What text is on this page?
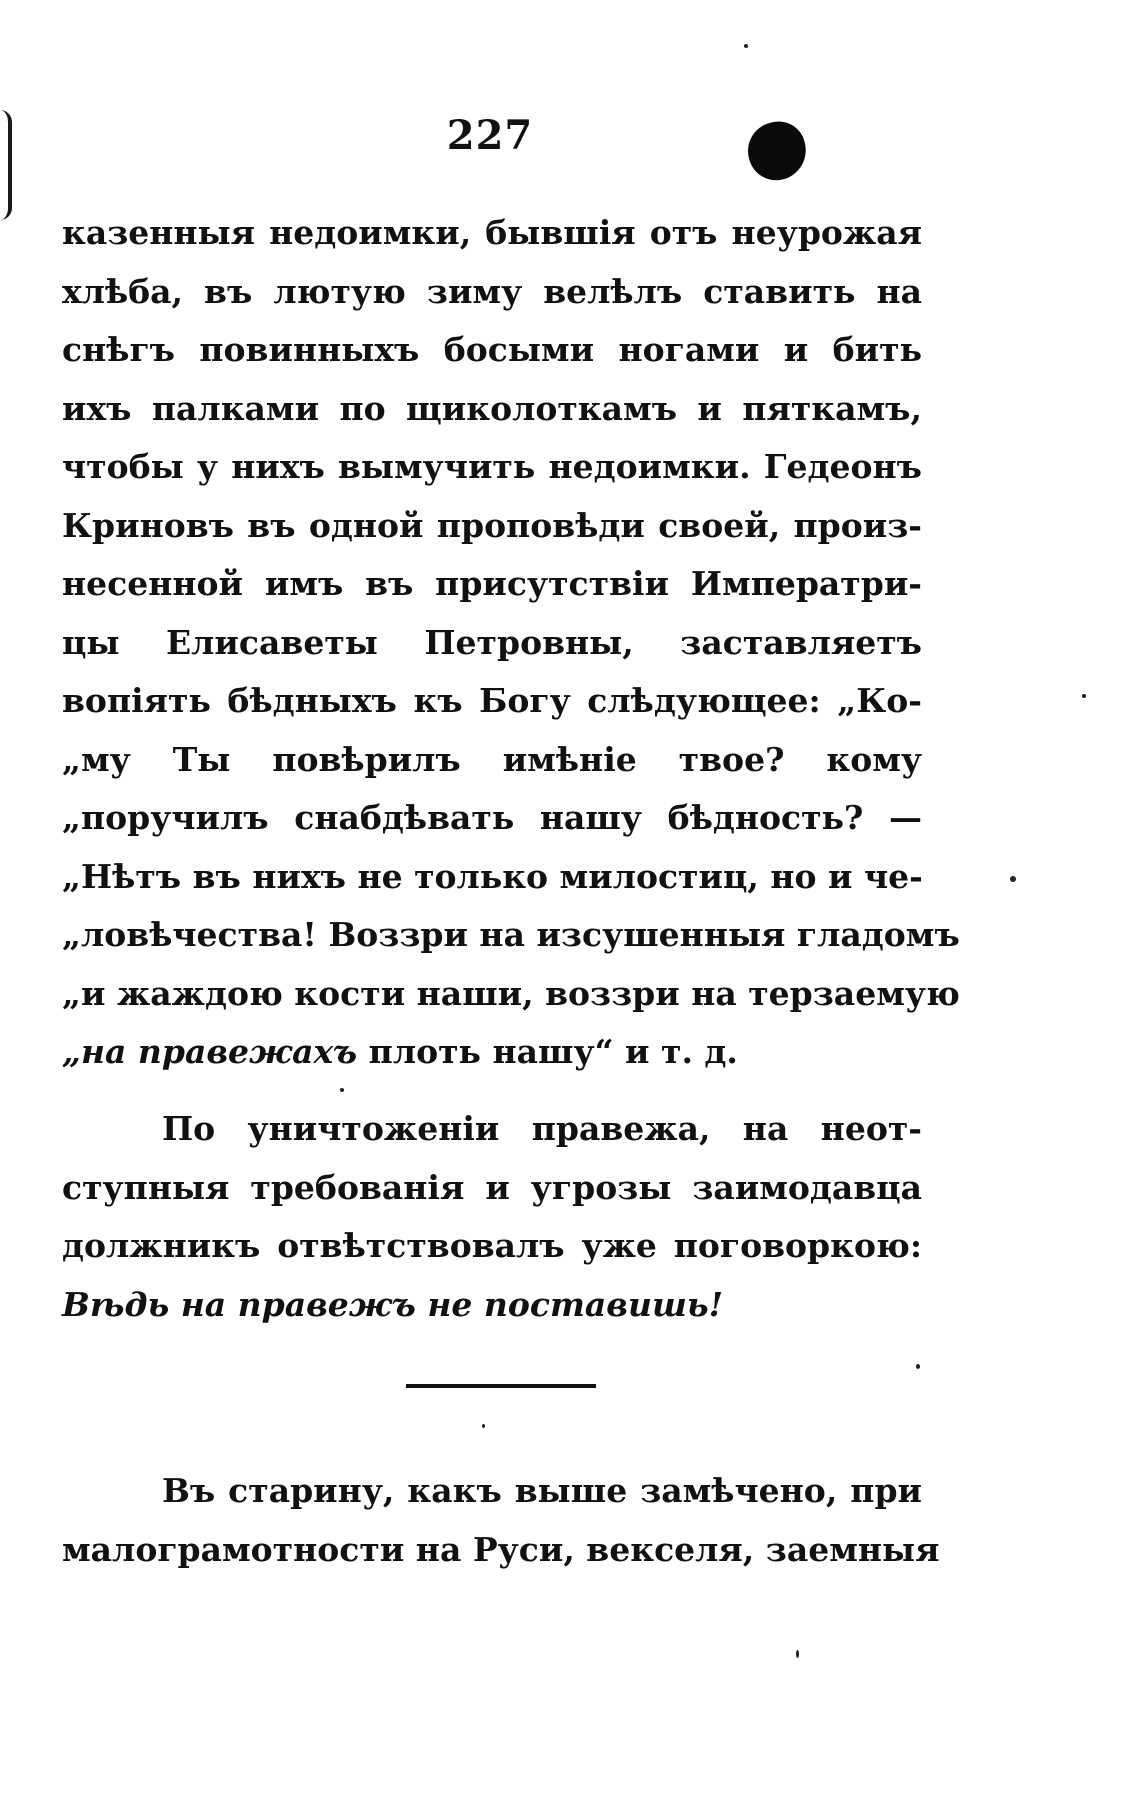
227
казенныя недоимки, бывшія отъ неурожая
хлѣба, въ лютую зиму велѣлъ ставить на
снѣгъ повинныхъ босыми ногами и бить
ихъ палками по щиколоткамъ и пяткамъ,
чтобы у нихъ вымучить недоимки. Гедеонъ
Криновъ въ одной проповѣди своей, произ-
несенной имъ въ присутствіи Императри-
цы Елисаветы Петровны, заставляетъ
вопіять бѣдныхъ къ Богу слѣдующее: „Ко-
„му Ты повѣрилъ имѣніе твое? кому
„поручилъ снабдѣвать нашу бѣдность? —
„Нѣтъ въ нихъ не только милостиц, но и че-
„ловѣчества! Воззри на изсушенныя гладомъ
„и жаждою кости наши, воззри на терзаемую
„на правежахъ плоть нашу“ и т. д.
По уничтоженіи правежа, на неот-
ступныя требованія и угрозы заимодавца
должникъ отвѣтствовалъ уже поговоркою:
Вѣдь на правежъ не поставишь!
Въ старину, какъ выше замѣчено, при
малограмотности на Руси, векселя, заемныя
